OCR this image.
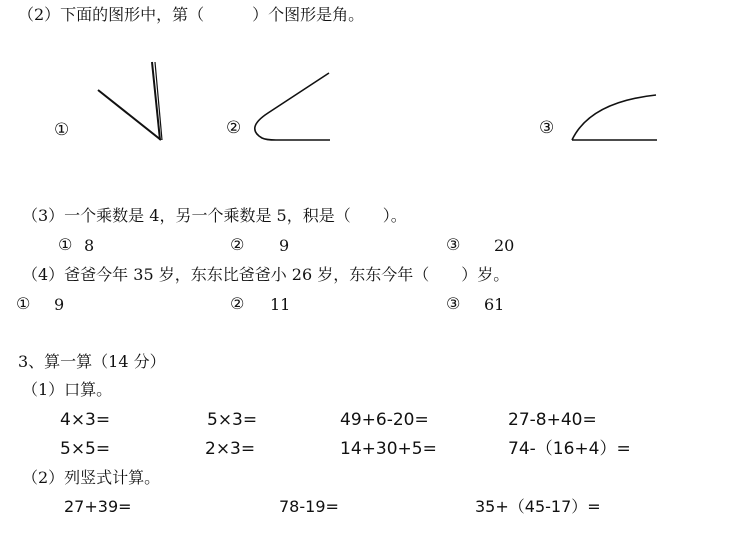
（2）下面的图形中，第（　　　）个图形是角。
①	②	③
（3）一个乘数是 4，另一个乘数是 5，积是（　　）。
① 8	② 9	③ 20
（4）爸爸今年 35 岁，东东比爸爸小 26 岁，东东今年（　　）岁。
① 9	② 11	③ 61
3、算一算（14 分）
（1）口算。
4×3=	5×3=	49+6-20=	27-8+40=
5×5=	2×3=	14+30+5=	74-（16+4）=
（2）列竖式计算。
27+39=	78-19=	35+（45-17）=
